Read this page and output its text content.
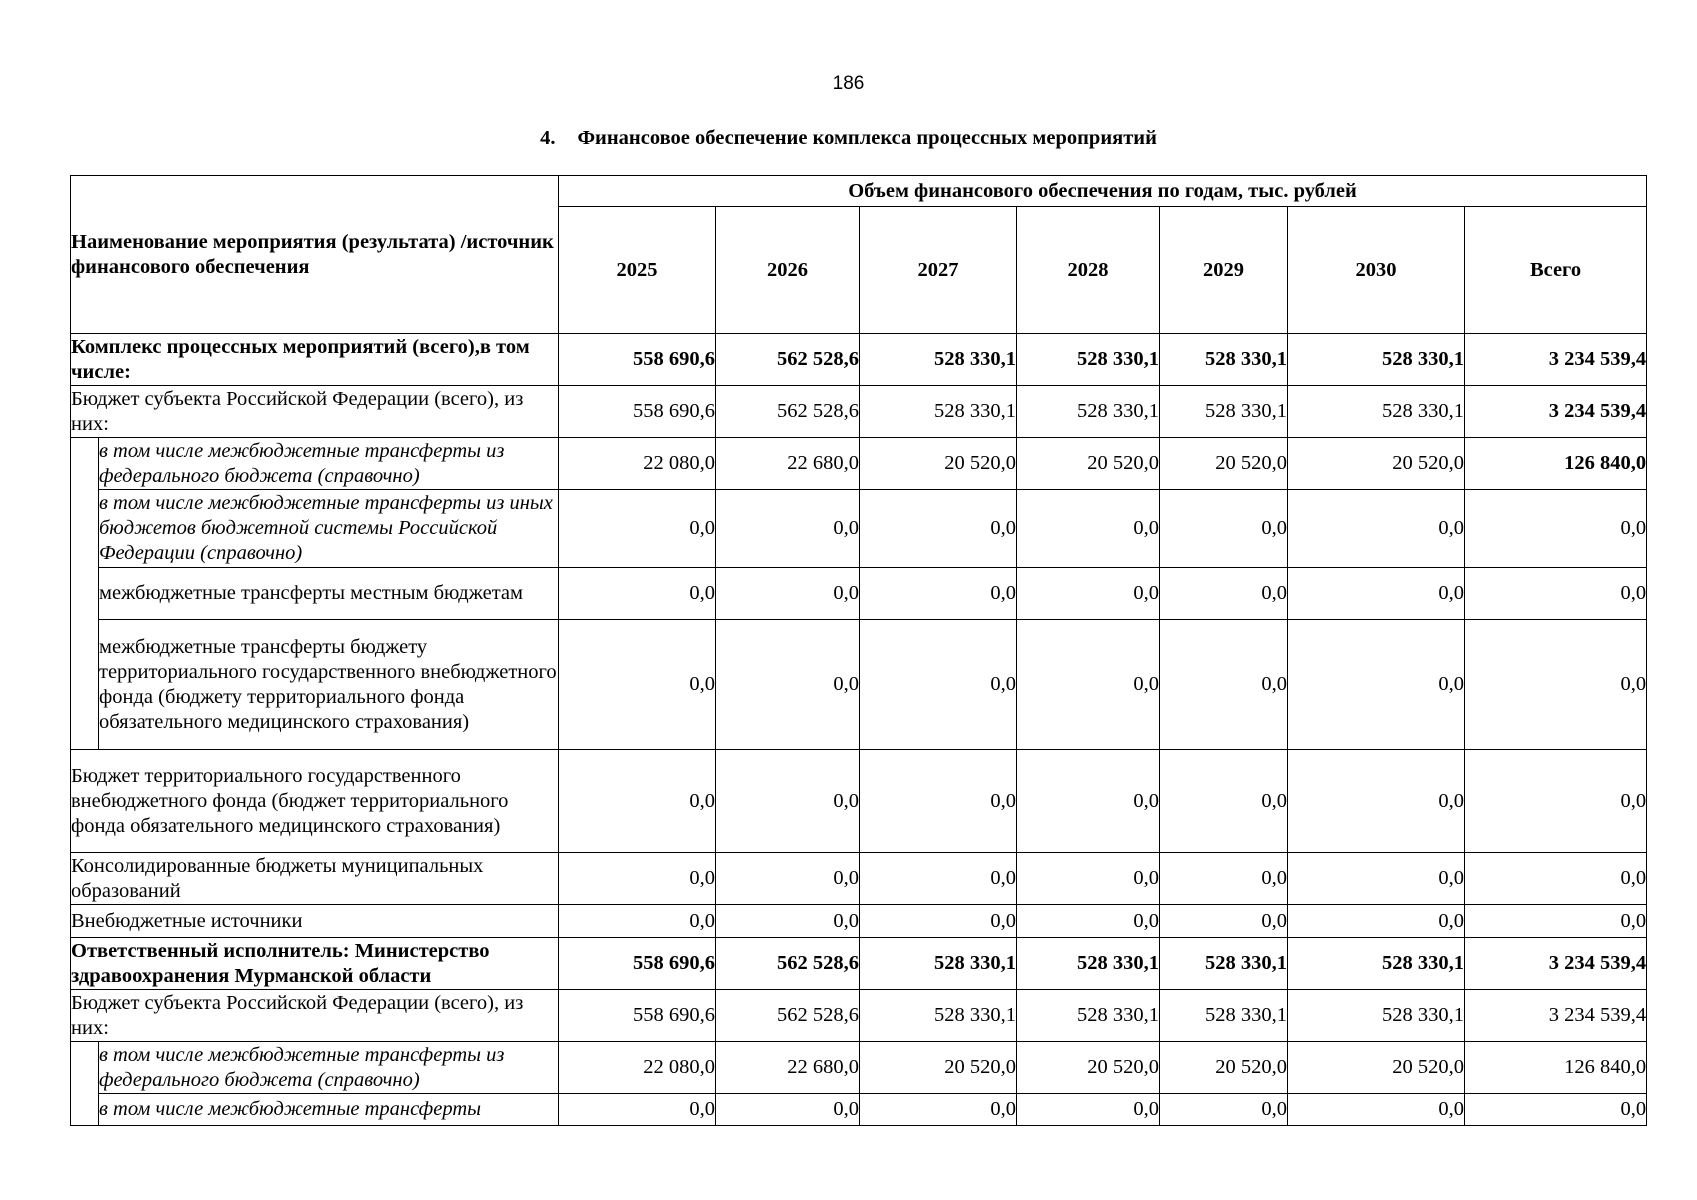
186
4. Финансовое обеспечение комплекса процессных мероприятий
Наименование мероприятия (результата) /источник финансового обеспечения		Объем финансового обеспечения по годам, тыс. рублей						
		2025	2026	2027	2028	2029	2030	Всего
Комплекс процессных мероприятий (всего),в том числе:		558 690,6	562 528,6	528 330,1	528 330,1	528 330,1	528 330,1	3 234 539,4
Бюджет субъекта Российской Федерации (всего), из них:		558 690,6	562 528,6	528 330,1	528 330,1	528 330,1	528 330,1	3 234 539,4
	в том числе межбюджетные трансферты из федерального бюджета (справочно)	22 080,0	22 680,0	20 520,0	20 520,0	20 520,0	20 520,0	126 840,0
	в том числе межбюджетные трансферты из иных бюджетов бюджетной системы Российской Федерации (справочно)	0,0	0,0	0,0	0,0	0,0	0,0	0,0
	межбюджетные трансферты местным бюджетам	0,0	0,0	0,0	0,0	0,0	0,0	0,0
	межбюджетные трансферты бюджету территориального государственного внебюджетного фонда (бюджету территориального фонда обязательного медицинского страхования)	0,0	0,0	0,0	0,0	0,0	0,0	0,0
Бюджет территориального государственного внебюджетного фонда (бюджет территориального фонда обязательного медицинского страхования)		0,0	0,0	0,0	0,0	0,0	0,0	0,0
Консолидированные бюджеты муниципальных образований		0,0	0,0	0,0	0,0	0,0	0,0	0,0
Внебюджетные источники		0,0	0,0	0,0	0,0	0,0	0,0	0,0
Ответственный исполнитель: Министерство здравоохранения Мурманской области		558 690,6	562 528,6	528 330,1	528 330,1	528 330,1	528 330,1	3 234 539,4
Бюджет субъекта Российской Федерации (всего), из них:		558 690,6	562 528,6	528 330,1	528 330,1	528 330,1	528 330,1	3 234 539,4
	в том числе межбюджетные трансферты из федерального бюджета (справочно)	22 080,0	22 680,0	20 520,0	20 520,0	20 520,0	20 520,0	126 840,0
	в том числе межбюджетные трансферты	0,0	0,0	0,0	0,0	0,0	0,0	0,0
